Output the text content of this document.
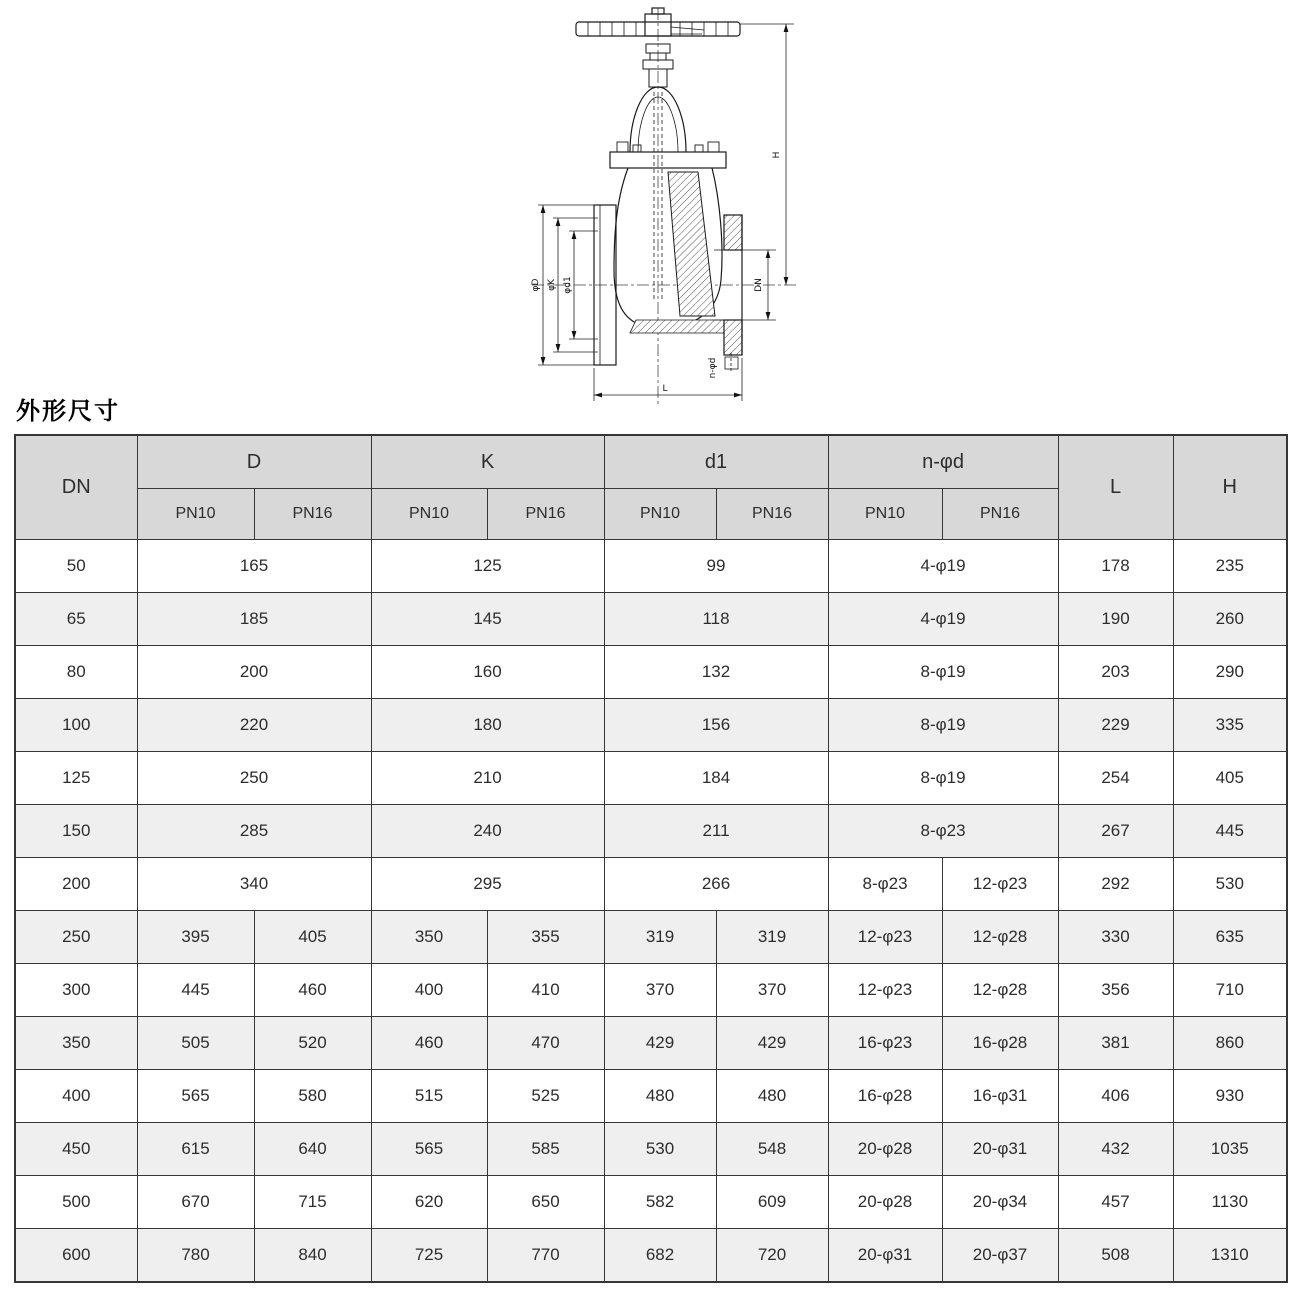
H
L
DN
φD φK φd1
n-φd
外形尺寸
DN	D		K		d1		n-φd		L	H
	PN10	PN16	PN10	PN16	PN10	PN16	PN10	PN16		
50	165		125		99		4-φ19		178	235
65	185		145		118		4-φ19		190	260
80	200		160		132		8-φ19		203	290
100	220		180		156		8-φ19		229	335
125	250		210		184		8-φ19		254	405
150	285		240		211		8-φ23		267	445
200	340		295		266		8-φ23	12-φ23	292	530
250	395	405	350	355	319	319	12-φ23	12-φ28	330	635
300	445	460	400	410	370	370	12-φ23	12-φ28	356	710
350	505	520	460	470	429	429	16-φ23	16-φ28	381	860
400	565	580	515	525	480	480	16-φ28	16-φ31	406	930
450	615	640	565	585	530	548	20-φ28	20-φ31	432	1035
500	670	715	620	650	582	609	20-φ28	20-φ34	457	1130
600	780	840	725	770	682	720	20-φ31	20-φ37	508	1310
